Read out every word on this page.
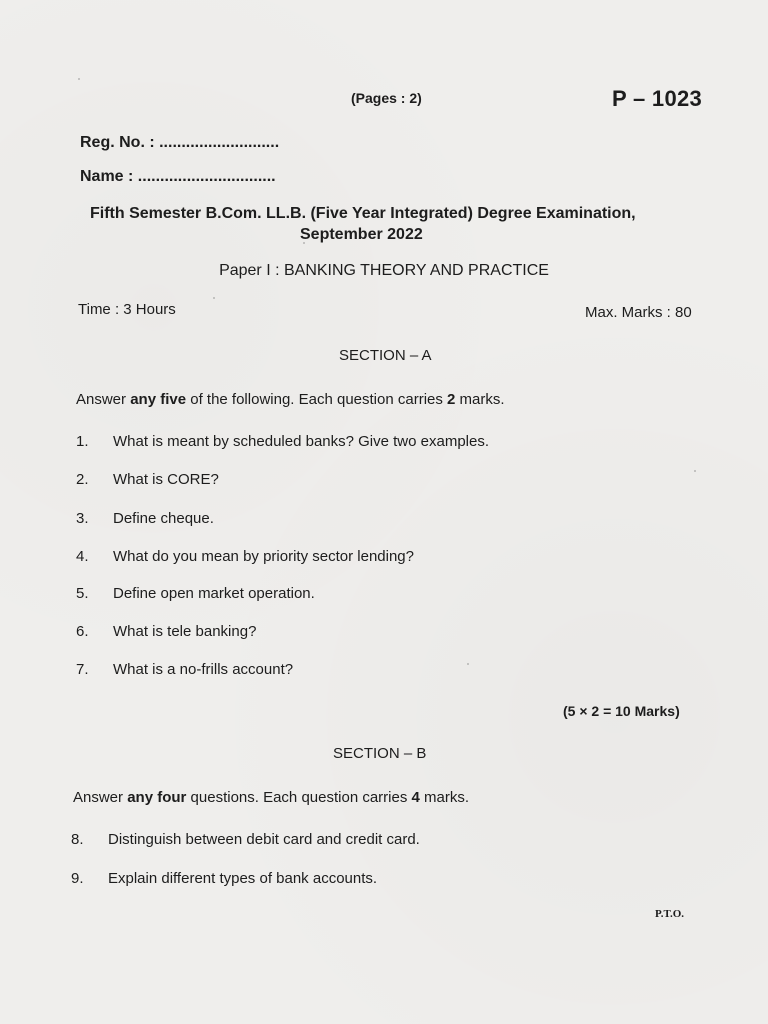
(Pages : 2)	P – 1023
Reg. No. : ...........................
Name : ...............................
Fifth Semester B.Com. LL.B. (Five Year Integrated) Degree Examination,
September 2022
Paper I : BANKING THEORY AND PRACTICE
Time : 3 Hours	Max. Marks : 80
SECTION – A
Answer any five of the following. Each question carries 2 marks.
1. What is meant by scheduled banks? Give two examples.
2. What is CORE?
3. Define cheque.
4. What do you mean by priority sector lending?
5. Define open market operation.
6. What is tele banking?
7. What is a no-frills account?
(5 × 2 = 10 Marks)
SECTION – B
Answer any four questions. Each question carries 4 marks.
8. Distinguish between debit card and credit card.
9. Explain different types of bank accounts.
P.T.O.
